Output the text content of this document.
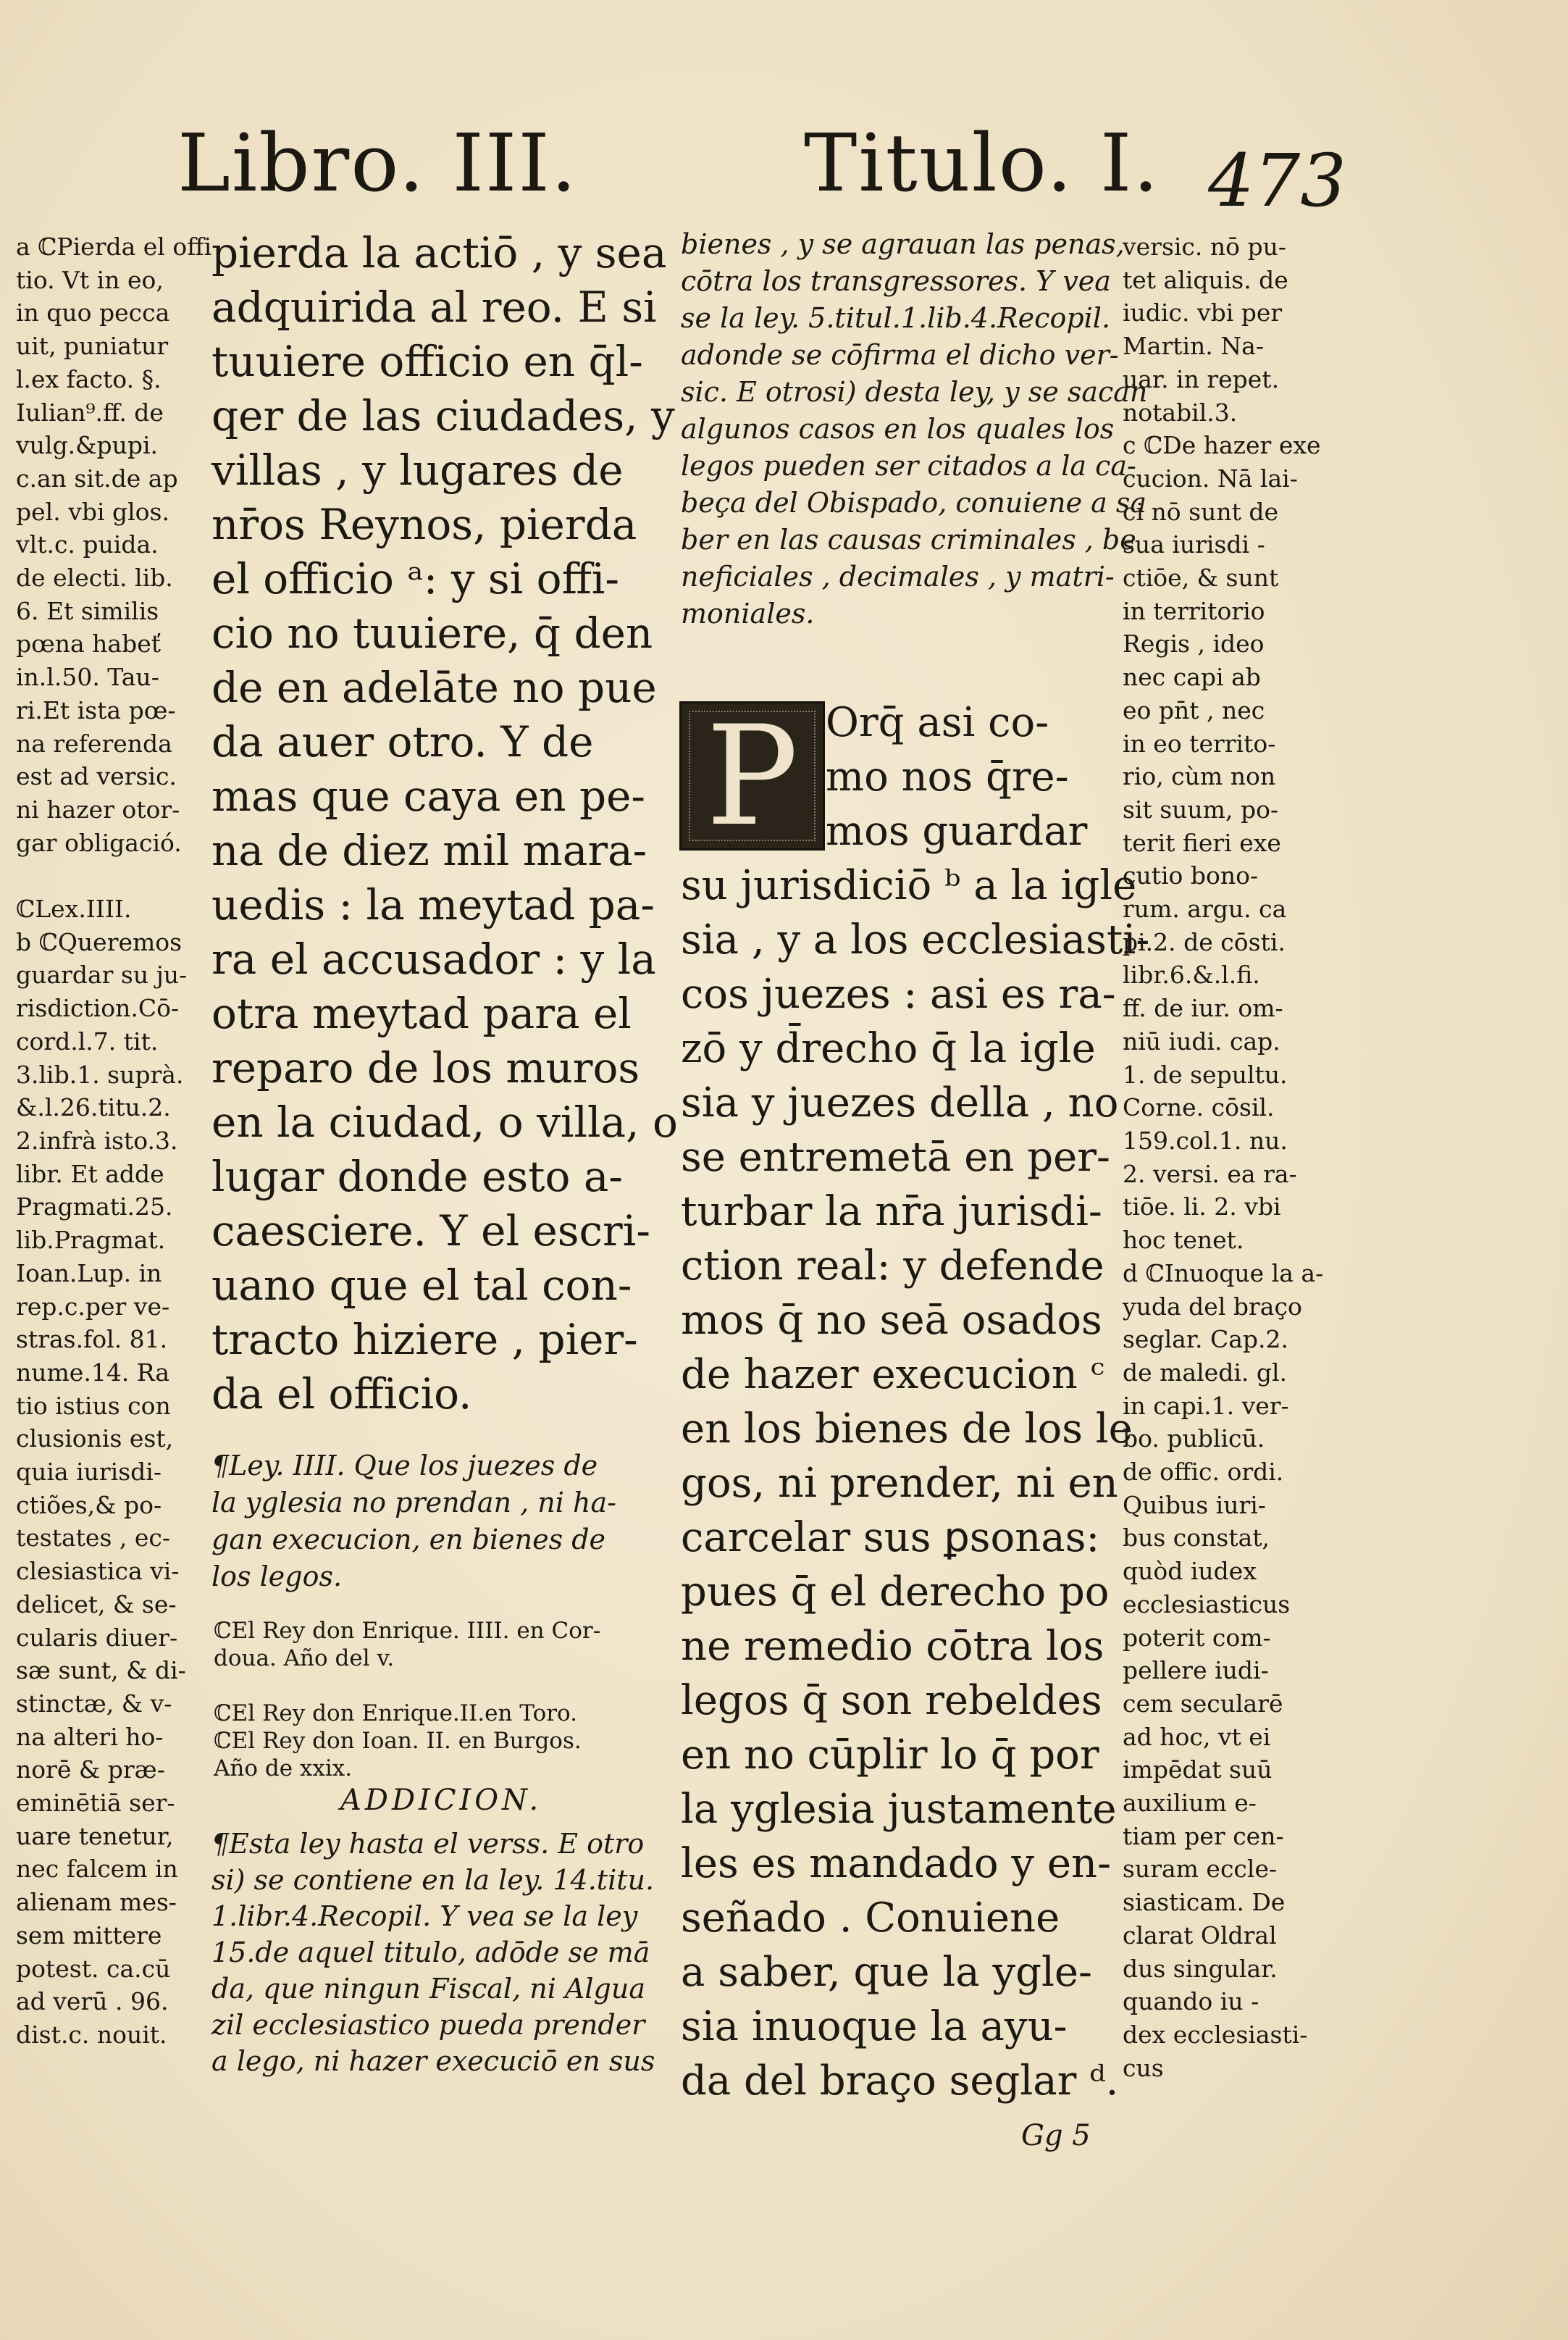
Libro. III.	Titulo. I. 473
a ℂPierda el offi
tio. Vt in eo,
in quo pecca
uit, puniatur
l.ex facto. §.
Iulian⁹.ff. de
vulg.&pupi.
c.an sit.de ap
pel. vbi glos.
vlt.c. puida.
de electi. lib.
6. Et similis
pœna habeť
in.l.50. Tau-
ri.Et ista pœ-
na referenda
est ad versic.
ni hazer otor-
gar obligació.

ℂLex.IIII.
b ℂQueremos
guardar su ju-
risdiction.Cō-
cord.l.7. tit.
3.lib.1. suprà.
&.l.26.titu.2.
2.infrà isto.3.
libr. Et adde
Pragmati.25.
lib.Pragmat.
Ioan.Lup. in
rep.c.per ve-
stras.fol. 81.
nume.14. Ra
tio istius con
clusionis est,
quia iurisdi-
ctiões,& po-
testates , ec-
clesiastica vi-
delicet, & se-
cularis diuer-
sæ sunt, & di-
stinctæ, & v-
na alteri ho-
norē & præ-
eminētiā ser-
uare tenetur,
nec falcem in
alienam mes-
sem mittere
potest. ca.cū
ad verū . 96.
dist.c. nouit.
pierda la actiō , y sea
adquirida al reo. E si
tuuiere officio en q̄l-
qer de las ciudades, y
villas , y lugares de
nr̄os Reynos, pierda
el officio ᵃ: y si offi-
cio no tuuiere, q̄ den
de en adelāte no pue
da auer otro. Y de
mas que caya en pe-
na de diez mil mara-
uedis : la meytad pa-
ra el accusador : y la
otra meytad para el
reparo de los muros
en la ciudad, o villa, o
lugar donde esto a-
caesciere. Y el escri-
uano que el tal con-
tracto hiziere , pier-
da el officio.
¶Ley. IIII. Que los juezes de
la yglesia no prendan , ni ha-
gan execucion, en bienes de
los legos.
ℂEl Rey don Enrique. IIII. en Cor-
doua. Año del v.

ℂEl Rey don Enrique.II.en Toro.
ℂEl Rey don Ioan. II. en Burgos.
Año de xxix.
ADDICION.
¶Esta ley hasta el verss. E otro
si) se contiene en la ley. 14.titu.
1.libr.4.Recopil. Y vea se la ley
15.de aquel titulo, adōde se mā
da, que ningun Fiscal, ni Algua
zil ecclesiastico pueda prender
a lego, ni hazer execuciō en sus
bienes , y se agrauan las penas,
cōtra los transgressores. Y vea
se la ley. 5.titul.1.lib.4.Recopil.
adonde se cōfirma el dicho ver-
sic. E otrosi) desta ley, y se sacan
algunos casos en los quales los
legos pueden ser citados a la ca-
beça del Obispado, conuiene a sa
ber en las causas criminales , be
neficiales , decimales , y matri-
moniales.
P Orq̄ asi co-
mo nos q̄re-
mos guardar
su jurisdiciō ᵇ a la igle
sia , y a los ecclesiasti-
cos juezes : asi es ra-
zō y d̄recho q̄ la igle
sia y juezes della , no
se entremetā en per-
turbar la nr̄a jurisdi-
ction real: y defende
mos q̄ no seā osados
de hazer execucion ᶜ
en los bienes de los le
gos, ni prender, ni en
carcelar sus ꝑsonas:
pues q̄ el derecho po
ne remedio cōtra los
legos q̄ son rebeldes
en no cūplir lo q̄ por
la yglesia justamente
les es mandado y en-
señado . Conuiene
a saber, que la ygle-
sia inuoque la ayu-
da del braço seglar ᵈ.
versic. nō pu-
tet aliquis. de
iudic. vbi per
Martin. Na-
uar. in repet.
notabil.3.
c ℂDe hazer exe
cucion. Nā lai-
ci nō sunt de
sua iurisdi -
ctiōe, & sunt
in territorio
Regis , ideo
nec capi ab
eo pn̄t , nec
in eo territo-
rio, cùm non
sit suum, po-
terit fieri exe
cutio bono-
rum. argu. ca
pi.2. de cōsti.
libr.6.&.l.fi.
ff. de iur. om-
niū iudi. cap.
1. de sepultu.
Corne. cōsil.
159.col.1. nu.
2. versi. ea ra-
tiōe. li. 2. vbi
hoc tenet.
d ℂInuoque la a-
yuda del braço
seglar. Cap.2.
de maledi. gl.
in capi.1. ver-
bo. publicū.
de offic. ordi.
Quibus iuri-
bus constat,
quòd iudex
ecclesiasticus
poterit com-
pellere iudi-
cem secularē
ad hoc, vt ei
impēdat suū
auxilium e-
tiam per cen-
suram eccle-
siasticam. De
clarat Oldral
dus singular.
quando iu -
dex ecclesiasti-
cus
Gg 5
